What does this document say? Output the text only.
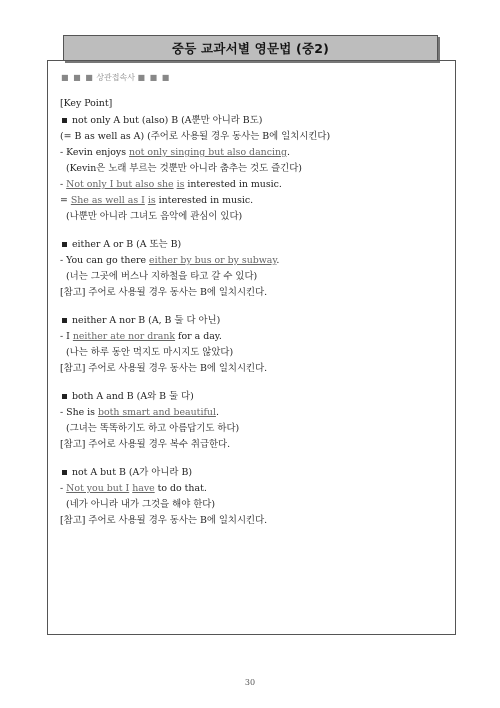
중등 교과서별 영문법 (중2)
■ ■ ■ 상관접속사 ■ ■ ■
[Key Point]
not only A but (also) B (A뿐만 아니라 B도)
(= B as well as A) (주어로 사용될 경우 동사는 B에 일치시킨다)
- Kevin enjoys not only singing but also dancing.
(Kevin은 노래 부르는 것뿐만 아니라 춤추는 것도 즐긴다)
- Not only I but also she is interested in music.
= She as well as I is interested in music.
(나뿐만 아니라 그녀도 음악에 관심이 있다)
either A or B (A 또는 B)
- You can go there either by bus or by subway.
(너는 그곳에 버스나 지하철을 타고 갈 수 있다)
[참고] 주어로 사용될 경우 동사는 B에 일치시킨다.
neither A nor B (A, B 둘 다 아닌)
- I neither ate nor drank for a day.
(나는 하루 동안 먹지도 마시지도 않았다)
[참고] 주어로 사용될 경우 동사는 B에 일치시킨다.
both A and B (A와 B 둘 다)
- She is both smart and beautiful.
(그녀는 똑똑하기도 하고 아름답기도 하다)
[참고] 주어로 사용될 경우 복수 취급한다.
not A but B (A가 아니라 B)
- Not you but I have to do that.
(네가 아니라 내가 그것을 해야 한다)
[참고] 주어로 사용될 경우 동사는 B에 일치시킨다.
30
